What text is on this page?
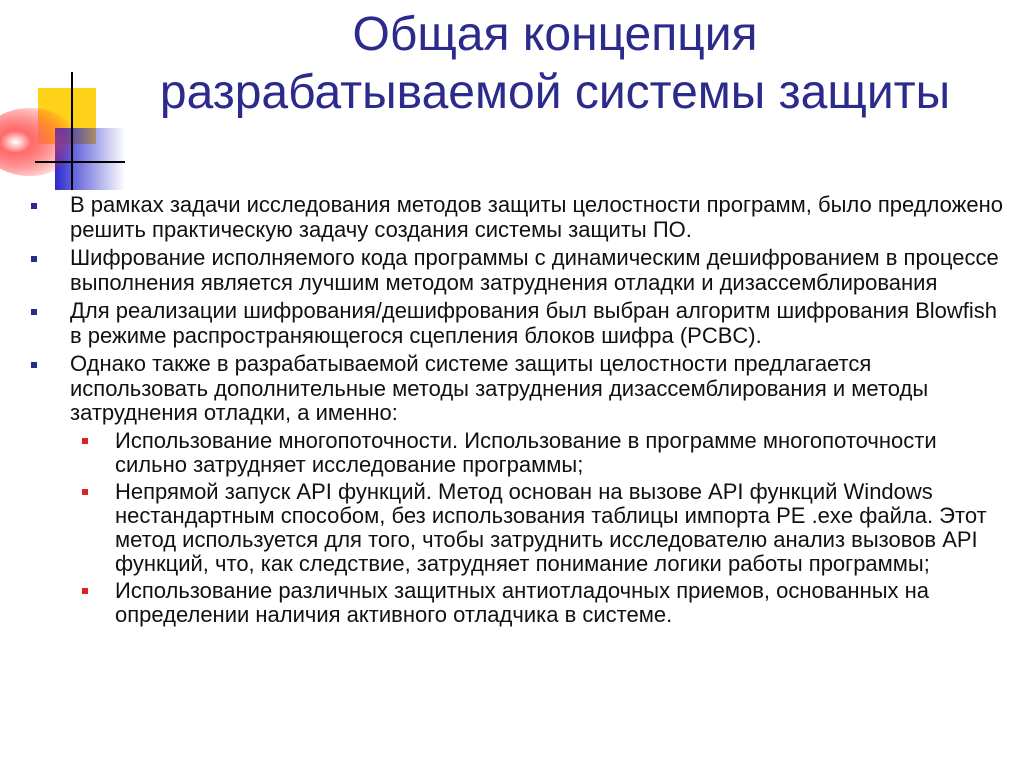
Общая концепция
разрабатываемой системы защиты
В рамках задачи исследования методов защиты целостности программ, было предложено решить практическую задачу создания системы защиты ПО.
Шифрование исполняемого кода программы с динамическим дешифрованием в процессе выполнения является лучшим методом затруднения отладки и дизассемблирования
Для реализации шифрования/дешифрования был выбран алгоритм шифрования Blowfish в режиме распространяющегося сцепления блоков шифра (PCBC).
Однако также в разрабатываемой системе защиты целостности предлагается использовать дополнительные методы затруднения дизассемблирования и методы затруднения отладки, а именно:
Использование многопоточности. Использование в программе многопоточности сильно затрудняет исследование программы;
Непрямой запуск API функций. Метод основан на вызове API функций Windows нестандартным способом, без использования таблицы импорта PE .exe файла. Этот метод используется для того, чтобы затруднить исследователю анализ вызовов API функций, что, как следствие, затрудняет понимание логики работы программы;
Использование различных защитных антиотладочных приемов, основанных на определении наличия активного отладчика в системе.
